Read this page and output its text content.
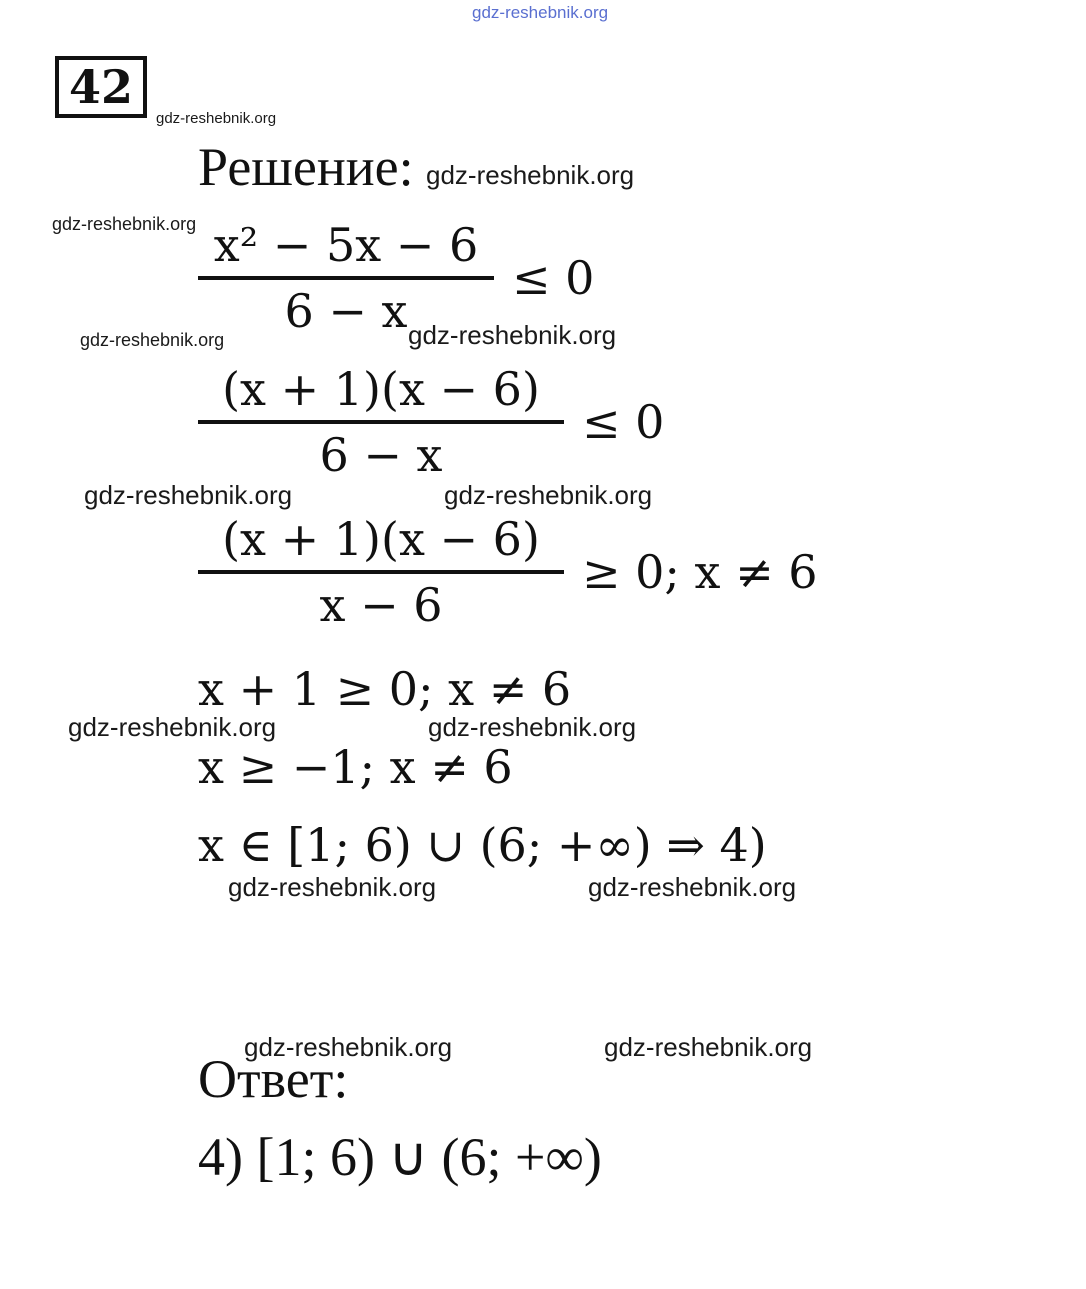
gdz-reshebnik.org
gdz-reshebnik.org
gdz-reshebnik.org
gdz-reshebnik.org
gdz-reshebnik.org	gdz-reshebnik.org
gdz-reshebnik.org	gdz-reshebnik.org
gdz-reshebnik.org	gdz-reshebnik.org
gdz-reshebnik.org	gdz-reshebnik.org
gdz-reshebnik.org	gdz-reshebnik.org
42
Решение:
$\frac{\text{x² − 5x − 6}}{6 - x} \le 0$
$\frac{(x + 1)(x - 6)}{6 - x} \le 0$
$\frac{(x + 1)(x - 6)}{x - 6} \ge 0$; x ≠ 6
x + 1 ≥ 0; x ≠ 6
x ≥ −1; x ≠ 6
x ∈ [1; 6) ∪ (6; +∞) ⇒ 4)
Ответ:
4) [1; 6) ∪ (6; +∞)
